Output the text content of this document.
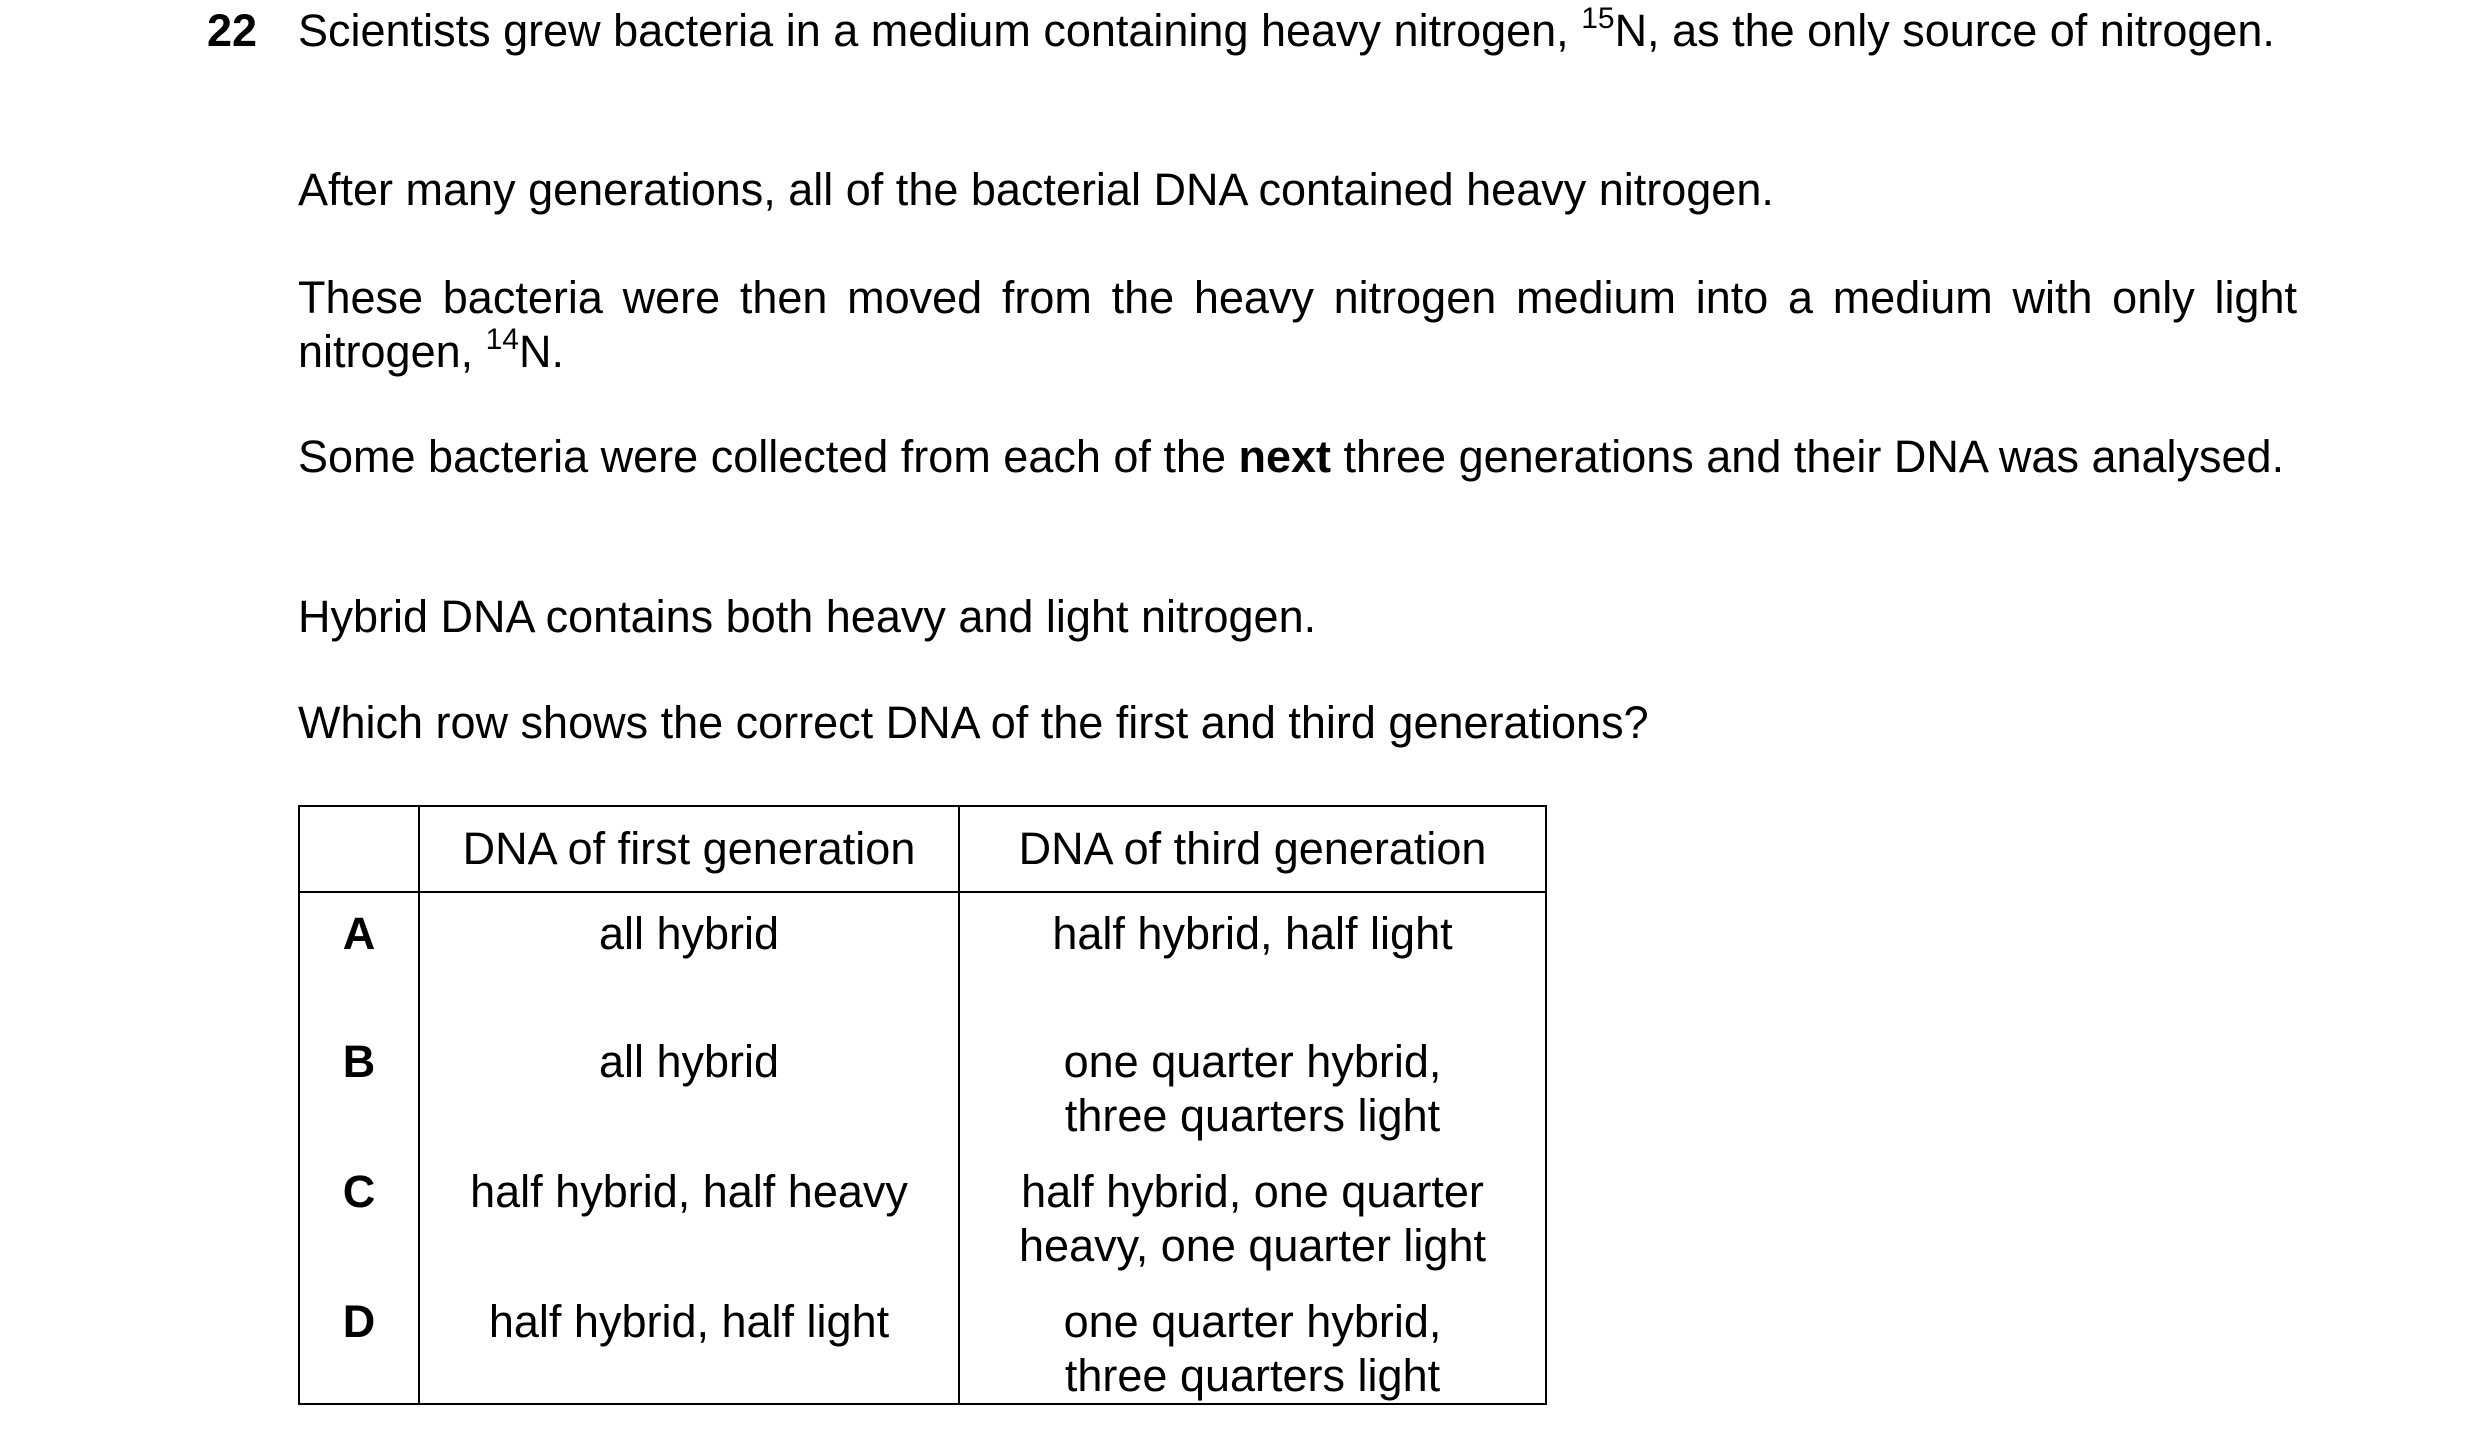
22 Scientists grew bacteria in a medium containing heavy nitrogen, $^{15}$N, as the only source of nitrogen.

After many generations, all of the bacterial DNA contained heavy nitrogen.

These bacteria were then moved from the heavy nitrogen medium into a medium with only light nitrogen, $^{14}$N.

Some bacteria were collected from each of the next three generations and their DNA was analysed.

Hybrid DNA contains both heavy and light nitrogen.

Which row shows the correct DNA of the first and third generations?

	DNA of first generation	DNA of third generation
A	all hybrid	half hybrid, half light

B	all hybrid	one quarter hybrid,
three quarters light

C	half hybrid, half heavy	half hybrid, one quarter
heavy, one quarter light

D	half hybrid, half light	one quarter hybrid,
three quarters light
